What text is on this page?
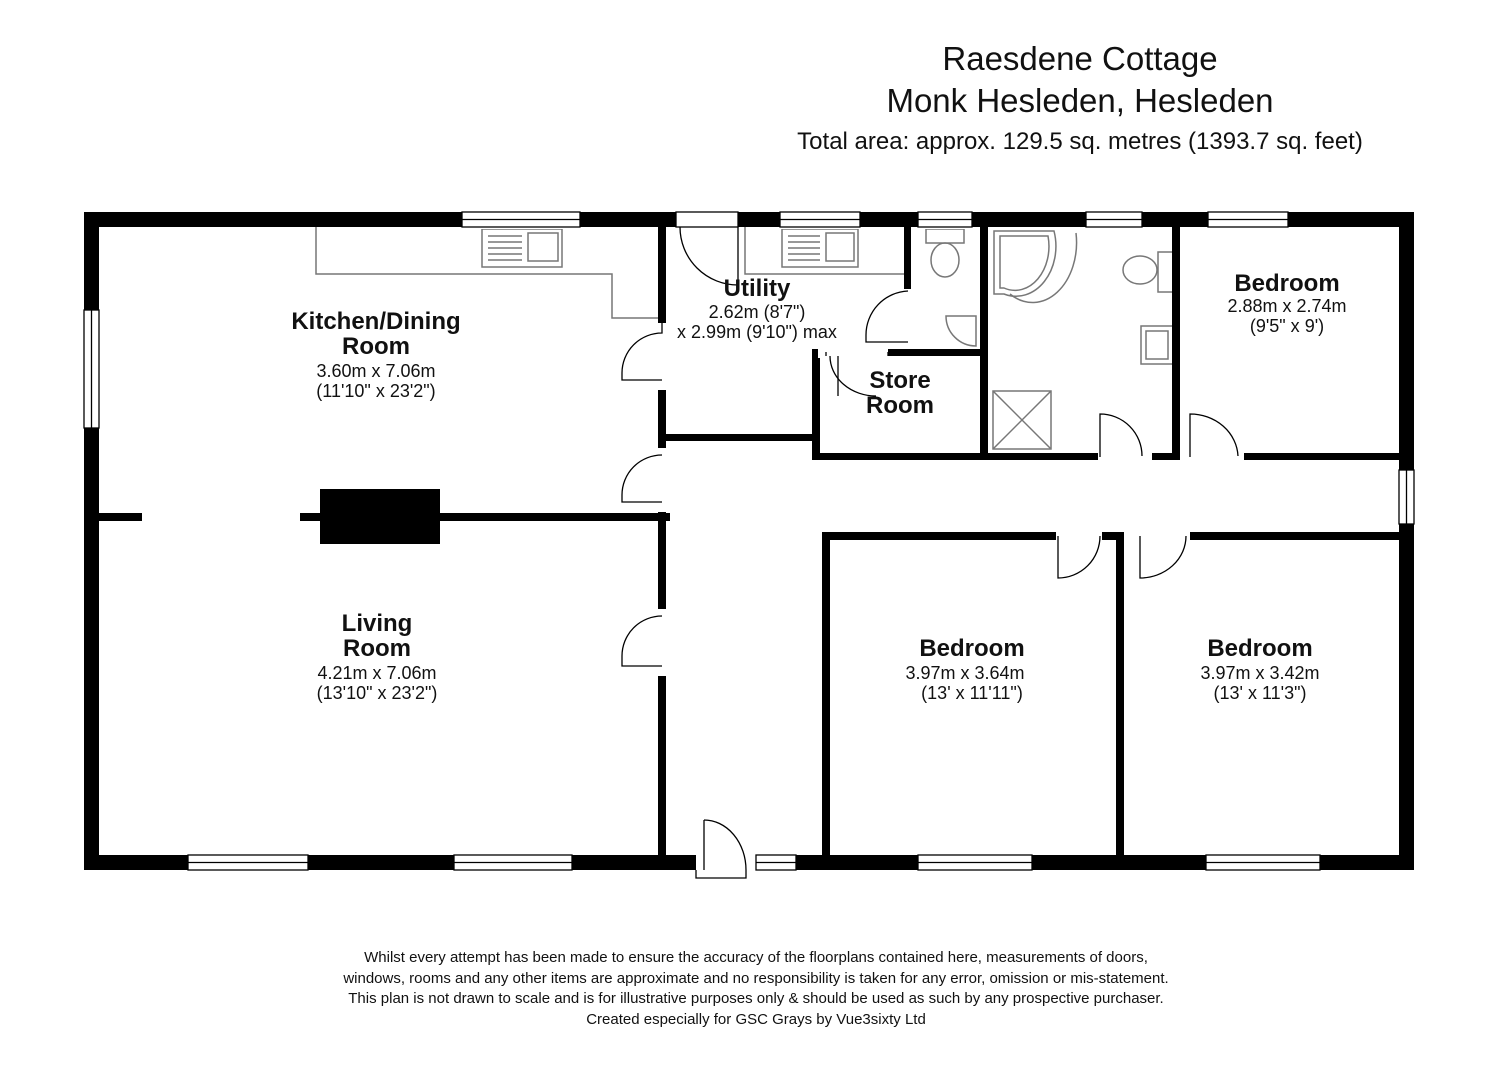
Raesdene Cottage
Monk Hesleden, Hesleden
Total area: approx. 129.5 sq. metres (1393.7 sq. feet)
Kitchen/Dining
Room
3.60m x 7.06m
(11'10" x 23'2")
Utility
2.62m (8'7")
x 2.99m (9'10") max
Store
Room
Bedroom
2.88m x 2.74m
(9'5" x 9')
Living
Room
4.21m x 7.06m
(13'10" x 23'2")
Bedroom
3.97m x 3.64m
(13' x 11'11")
Bedroom
3.97m x 3.42m
(13' x 11'3")
Whilst every attempt has been made to ensure the accuracy of the floorplans contained here, measurements of doors,
windows, rooms and any other items are approximate and no responsibility is taken for any error, omission or mis-statement.
This plan is not drawn to scale and is for illustrative purposes only & should be used as such by any prospective purchaser.
Created especially for GSC Grays by Vue3sixty Ltd
